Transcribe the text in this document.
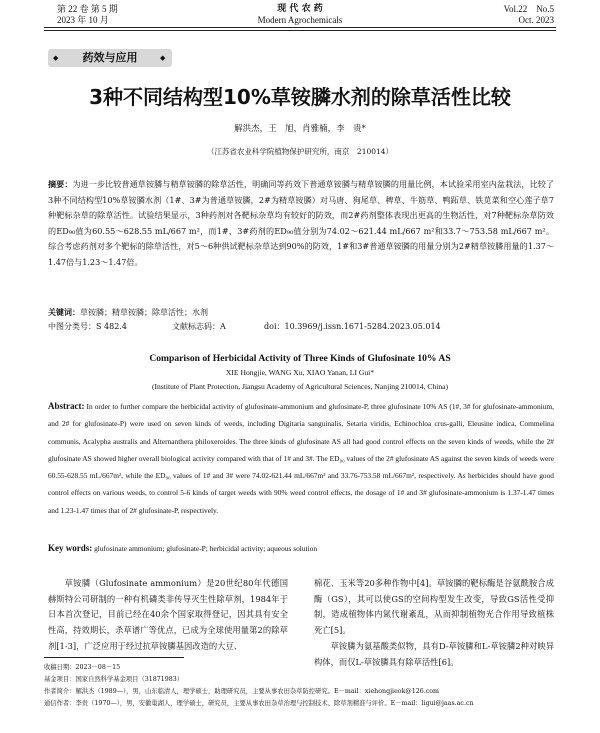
第 22 卷 第 5 期
2023 年 10 月
现 代 农 药
Modern Agrochemicals
Vol.22    No.5
Oct. 2023
◆	药效与应用	◆
3种不同结构型10%草铵膦水剂的除草活性比较
解洪杰，王　旭，肖雅楠，李　贵*
（江苏省农业科学院植物保护研究所，南京　210014）
摘要：为进一步比较普通草铵膦与精草铵膦的除草活性，明确同等药效下普通草铵膦与精草铵膦的用量比例，本试验采用室内盆栽法，比较了3种不同结构型10%草铵膦水剂（1#、3#为普通草铵膦，2#为精草铵膦）对马唐、狗尾草、稗草、牛筋草、鸭跖草、铁苋菜和空心莲子草7种靶标杂草的除草活性。试验结果显示，3种药剂对各靶标杂草均有较好的防效，而2#药剂整体表现出更高的生物活性，对7种靶标杂草防效的ED₉₀值为60.55～628.55 mL/667 m²，而1#、3#药剂的ED₉₀值分别为74.02～621.44 mL/667 m²和33.7～753.58 mL/667 m²。综合考虑药剂对多个靶标的除草活性，对5～6种供试靶标杂草达到90%的防效，1#和3#普通草铵膦的用量分别为2#精草铵膦用量的1.37～1.47倍与1.23～1.47倍。
关键词：草铵膦；精草铵膦；除草活性；水剂
中图分类号：S 482.4	文献标志码：A	doi：10.3969/j.issn.1671-5284.2023.05.014
Comparison of Herbicidal Activity of Three Kinds of Glufosinate 10% AS
XIE Hongjie, WANG Xu, XIAO Yanan, LI Gui*
(Institute of Plant Protection, Jiangsu Academy of Agricultural Sciences, Nanjing 210014, China)
Abstract: In order to further compare the herbicidal activity of glufosinate-ammonium and glufosinate-P, three glufosinate 10% AS (1#, 3# for glufosinate-ammonium, and 2# for glufosinate-P) were used on seven kinds of weeds, including Digitaria sanguinalis, Setaria viridis, Echinochloa crus-galli, Eleusine indica, Commelina communis, Acalypha australis and Alternanthera philoxeroides. The three kinds of glufosinate AS all had good control effects on the seven kinds of weeds, while the 2# glufosinate AS showed higher overall biological activity compared with that of 1# and 3#. The ED₉₀ values of the 2# glufosinate AS against the seven kinds of weeds were 60.55-628.55 mL/667m², while the ED₉₀ values of 1# and 3# were 74.02-621.44 mL/667m² and 33.76-753.58 mL/667m², respectively. As herbicides should have good control effects on various weeds, to control 5-6 kinds of target weeds with 90% weed control effects, the dosage of 1# and 3# glufosinate-ammonium is 1.37-1.47 times and 1.23-1.47 times that of 2# glufosinate-P, respectively.
Key words: glufosinate ammonium; glufosinate-P; herbicidal activity; aqueous solution

草铵膦（Glufosinate ammonium）是20世纪80年代德国赫斯特公司研制的一种有机磷类非传导灭生性除草剂，1984年于日本首次登记，目前已经在40余个国家取得登记，因其具有安全性高，持效期长，杀草谱广等优点，已成为全球使用量第2的除草剂[1-3]，广泛应用于经过抗草铵膦基因改造的大豆、

棉花、玉米等20多种作物中[4]。草铵膦的靶标酶是谷氨酰胺合成酶（GS），其可以使GS的空间构型发生改变，导致GS活性受抑制，造成植物体内氮代谢紊乱，从而抑制植物光合作用导致植株死亡[5]。

草铵膦为氨基酸类似物，具有D-草铵膦和L-草铵膦2种对映异构体，而仅L-草铵膦具有除草活性[6]。

收稿日期：2023－08－15
基金项目：国家自然科学基金项目（31871983）
作者简介：解洪杰（1989—），男，山东临清人，理学硕士，助理研究员，主要从事农田杂草防控研究。E－mail：xiehongjieok@126.com
通信作者：李贵（1970—），男，安徽巢湖人，理学硕士，研究员，主要从事农田杂草治理与控制技术、除草剂精准与评价。E－mail：ligui@jaas.ac.cn
